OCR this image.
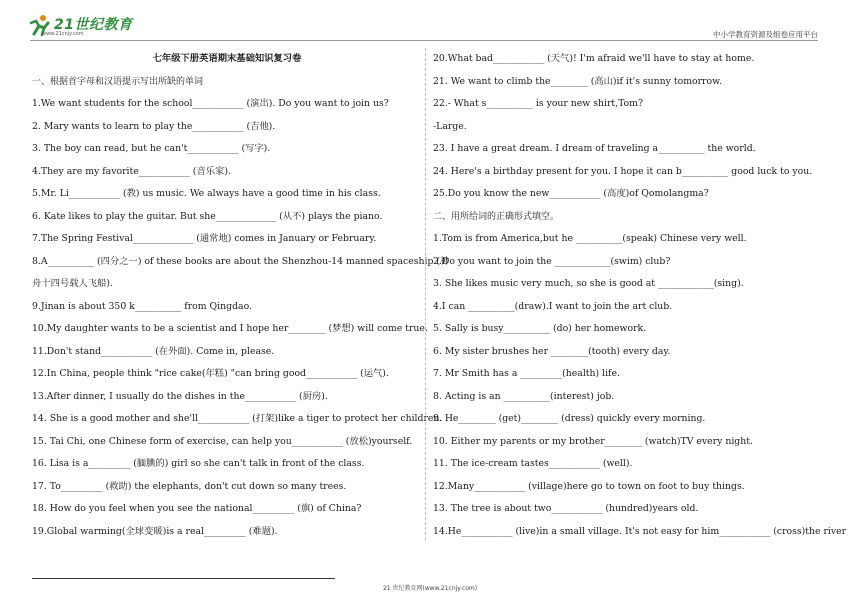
21世纪教育
www.21cnjy.com	中小学教育资源及组卷应用平台
七年级下册英语期末基础知识复习卷
一、根据首字母和汉语提示写出所缺的单词
1.We want students for the school___________ (演出). Do you want to join us?
2. Mary wants to learn to play the___________ (吉他).
3. The boy can read, but he can't___________ (写字).
4.They are my favorite___________ (音乐家).
5.Mr. Li___________ (教) us music. We always have a good time in his class.
6. Kate likes to play the guitar. But she_____________ (从不) plays the piano.
7.The Spring Festival_____________ (通常地) comes in January or February.
8.A__________ (四分之一) of these books are about the Shenzhou-14 manned spaceship (神
舟十四号载人飞船).
9.Jinan is about 350 k__________ from Qingdao.
10.My daughter wants to be a scientist and I hope her________ (梦想) will come true.
11.Don't stand___________ (在外面). Come in, please.
12.In China, people think "rice cake(年糕) "can bring good___________ (运气).
13.After dinner, I usually do the dishes in the___________ (厨房).
14. She is a good mother and she'll___________ (打架)like a tiger to protect her children.
15. Tai Chi, one Chinese form of exercise, can help you___________ (放松)yourself.
16. Lisa is a_________ (腼腆的) girl so she can't talk in front of the class.
17. To_________ (救助) the elephants, don't cut down so many trees.
18. How do you feel when you see the national_________ (旗) of China?
19.Global warming(全球变暖)is a real_________ (难题).
20.What bad___________ (天气)! I'm afraid we'll have to stay at home.
21. We want to climb the________ (高山)if it's sunny tomorrow.
22.- What s__________ is your new shirt,Tom?
-Large.
23. I have a great dream. I dream of traveling a__________ the world.
24. Here's a birthday present for you. I hope it can b__________ good luck to you.
25.Do you know the new___________ (高度)of Qomolangma?
二、用所给词的正确形式填空。
1.Tom is from America,but he __________(speak) Chinese very well.
2.Do you want to join the ____________(swim) club?
3. She likes music very much, so she is good at ____________(sing).
4.I can __________(draw).I want to join the art club.
5. Sally is busy__________ (do) her homework.
6. My sister brushes her ________(tooth) every day.
7. Mr Smith has a _________(health) life.
8. Acting is an __________(interest) job.
9. He________ (get)________ (dress) quickly every morning.
10. Either my parents or my brother________ (watch)TV every night.
11. The ice-cream tastes___________ (well).
12.Many___________ (village)here go to town on foot to buy things.
13. The tree is about two___________ (hundred)years old.
14.He___________ (live)in a small village. It's not easy for him___________ (cross)the river
21 世纪教育网(www.21cnjy.com)
